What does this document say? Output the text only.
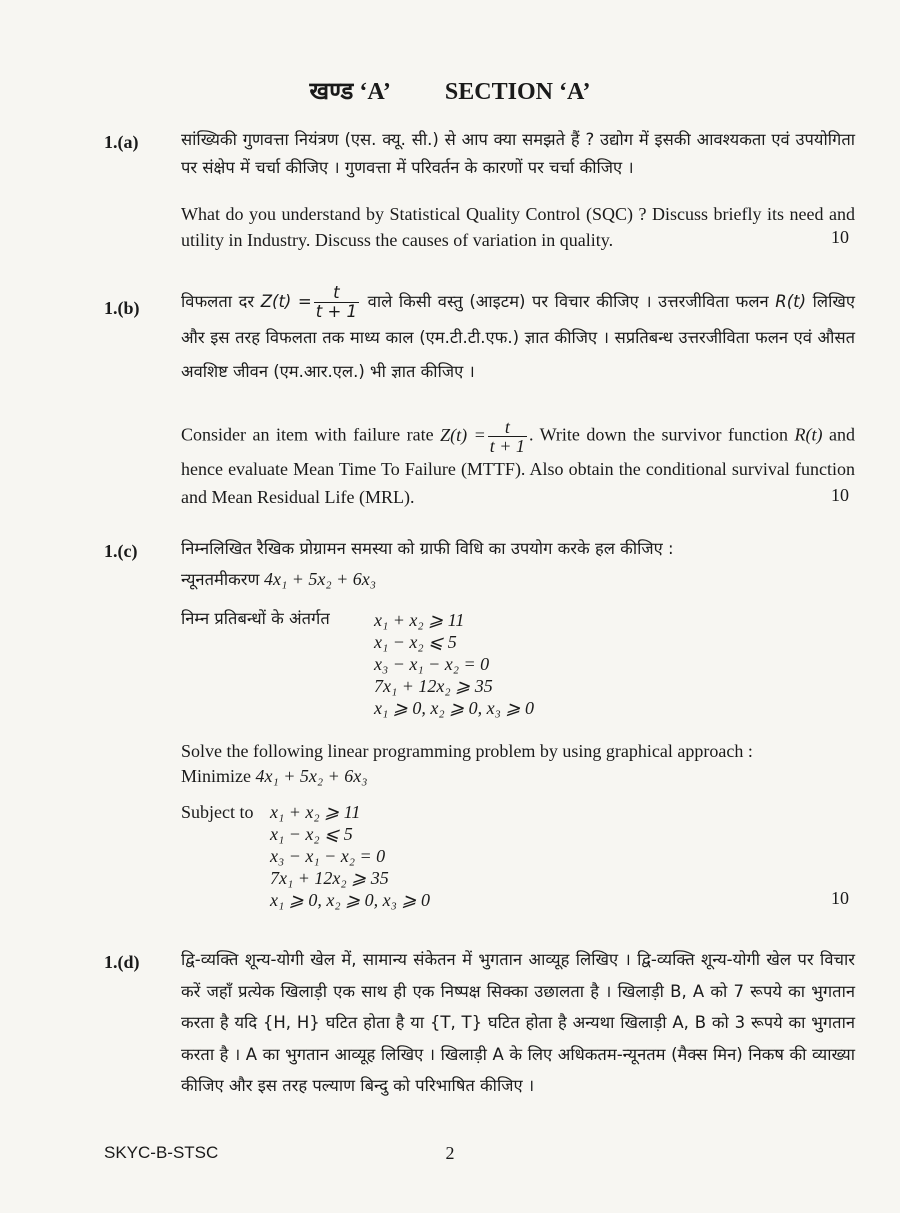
खण्ड ‘A’ SECTION ‘A’
1.(a)	सांख्यिकी गुणवत्ता नियंत्रण (एस. क्यू. सी.) से आप क्या समझते हैं ? उद्योग में इसकी आवश्यकता एवं उपयोगिता पर संक्षेप में चर्चा कीजिए । गुणवत्ता में परिवर्तन के कारणों पर चर्चा कीजिए ।
What do you understand by Statistical Quality Control (SQC) ? Discuss briefly its need and utility in Industry. Discuss the causes of variation in quality.	10
1.(b)	विफलता दर $Z(t) = \frac{t}{t + 1}$ वाले किसी वस्तु (आइटम) पर विचार कीजिए । उत्तरजीविता फलन R(t) लिखिए और इस तरह विफलता तक माध्य काल (एम.टी.टी.एफ.) ज्ञात कीजिए । सप्रतिबन्ध उत्तरजीविता फलन एवं औसत अवशिष्ट जीवन (एम.आर.एल.) भी ज्ञात कीजिए ।
Consider an item with failure rate $Z(t) = \frac{t}{t + 1}$ . Write down the survivor function R(t) and hence evaluate Mean Time To Failure (MTTF). Also obtain the conditional survival function and Mean Residual Life (MRL).	10
1.(c)	निम्नलिखित रैखिक प्रोग्रामन समस्या को ग्राफी विधि का उपयोग करके हल कीजिए :
न्यूनतमीकरण 4x₁ + 5x₂ + 6x₃
निम्न प्रतिबन्धों के अंतर्गत	x₁ + x₂ ⩾ 11
x₁ − x₂ ⩽ 5
x₃ − x₁ − x₂ = 0
7x₁ + 12x₂ ⩾ 35
x₁ ⩾ 0, x₂ ⩾ 0, x₃ ⩾ 0
Solve the following linear programming problem by using graphical approach :
Minimize 4x₁ + 5x₂ + 6x₃
Subject to x₁ + x₂ ⩾ 11
x₁ − x₂ ⩽ 5
x₃ − x₁ − x₂ = 0
7x₁ + 12x₂ ⩾ 35
x₁ ⩾ 0, x₂ ⩾ 0, x₃ ⩾ 0	10
1.(d)	द्वि-व्यक्ति शून्य-योगी खेल में, सामान्य संकेतन में भुगतान आव्यूह लिखिए । द्वि-व्यक्ति शून्य-योगी खेल पर विचार करें जहाँ प्रत्येक खिलाड़ी एक साथ ही एक निष्पक्ष सिक्का उछालता है । खिलाड़ी B, A को 7 रूपये का भुगतान करता है यदि {H, H} घटित होता है या {T, T} घटित होता है अन्यथा खिलाड़ी A, B को 3 रूपये का भुगतान करता है । A का भुगतान आव्यूह लिखिए । खिलाड़ी A के लिए अधिकतम-न्यूनतम (मैक्स मिन) निकष की व्याख्या कीजिए और इस तरह पल्याण बिन्दु को परिभाषित कीजिए ।
SKYC-B-STSC	2
